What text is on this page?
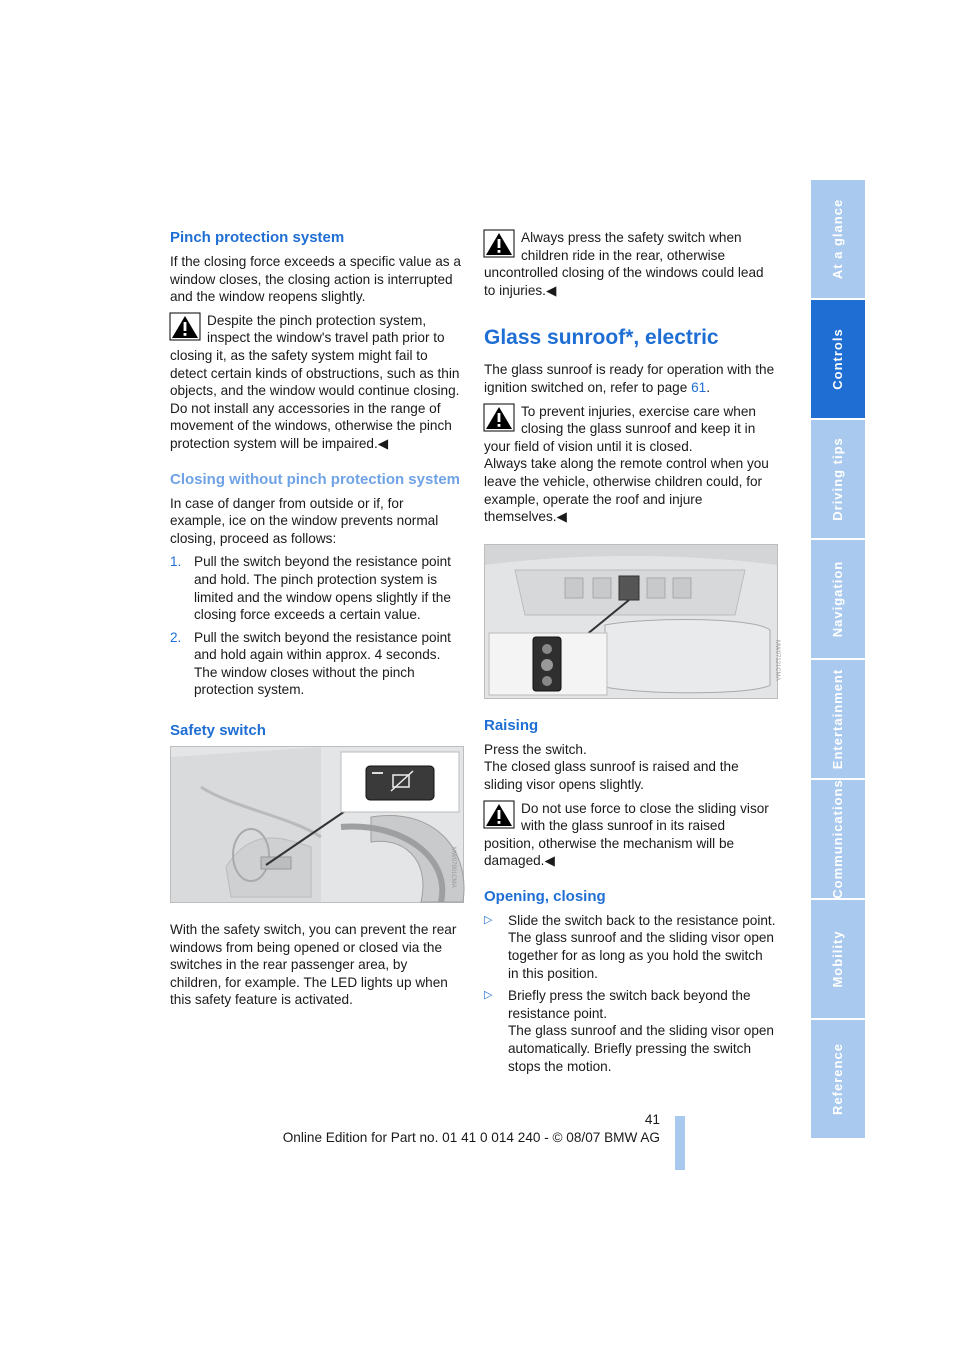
Pinch protection system

If the closing force exceeds a specific value as a window closes, the closing action is interrupted and the window reopens slightly.

Despite the pinch protection system, inspect the window's travel path prior to closing it, as the safety system might fail to detect certain kinds of obstructions, such as thin objects, and the window would continue closing.

Do not install any accessories in the range of movement of the windows, otherwise the pinch protection system will be impaired.◀

Closing without pinch protection system

In case of danger from outside or if, for example, ice on the window prevents normal closing, proceed as follows:

1. Pull the switch beyond the resistance point and hold. The pinch protection system is limited and the window opens slightly if the closing force exceeds a certain value.
2. Pull the switch beyond the resistance point and hold again within approx. 4 seconds. The window closes without the pinch protection system.
Safety switch
MW07901CMA

With the safety switch, you can prevent the rear windows from being opened or closed via the switches in the rear passenger area, by children, for example. The LED lights up when this safety feature is activated.

Always press the safety switch when children ride in the rear, otherwise uncontrolled closing of the windows could lead to injuries.◀

Glass sunroof*, electric

The glass sunroof is ready for operation with the ignition switched on, refer to page 61.

To prevent injuries, exercise care when closing the glass sunroof and keep it in your field of vision until it is closed.

Always take along the remote control when you leave the vehicle, otherwise children could, for example, operate the roof and injure themselves.◀

MW07121CMA
Raising

Press the switch.

The closed glass sunroof is raised and the sliding visor opens slightly.

Do not use force to close the sliding visor with the glass sunroof in its raised position, otherwise the mechanism will be damaged.◀

Opening, closing
▷ Slide the switch back to the resistance point.

The glass sunroof and the sliding visor open together for as long as you hold the switch in this position.

▷ Briefly press the switch back beyond the resistance point.

The glass sunroof and the sliding visor open automatically. Briefly pressing the switch stops the motion.

At a glance
Controls
Driving tips
Navigation
Entertainment
Communications
Mobility
Reference
41
Online Edition for Part no. 01 41 0 014 240 - © 08/07 BMW AG
